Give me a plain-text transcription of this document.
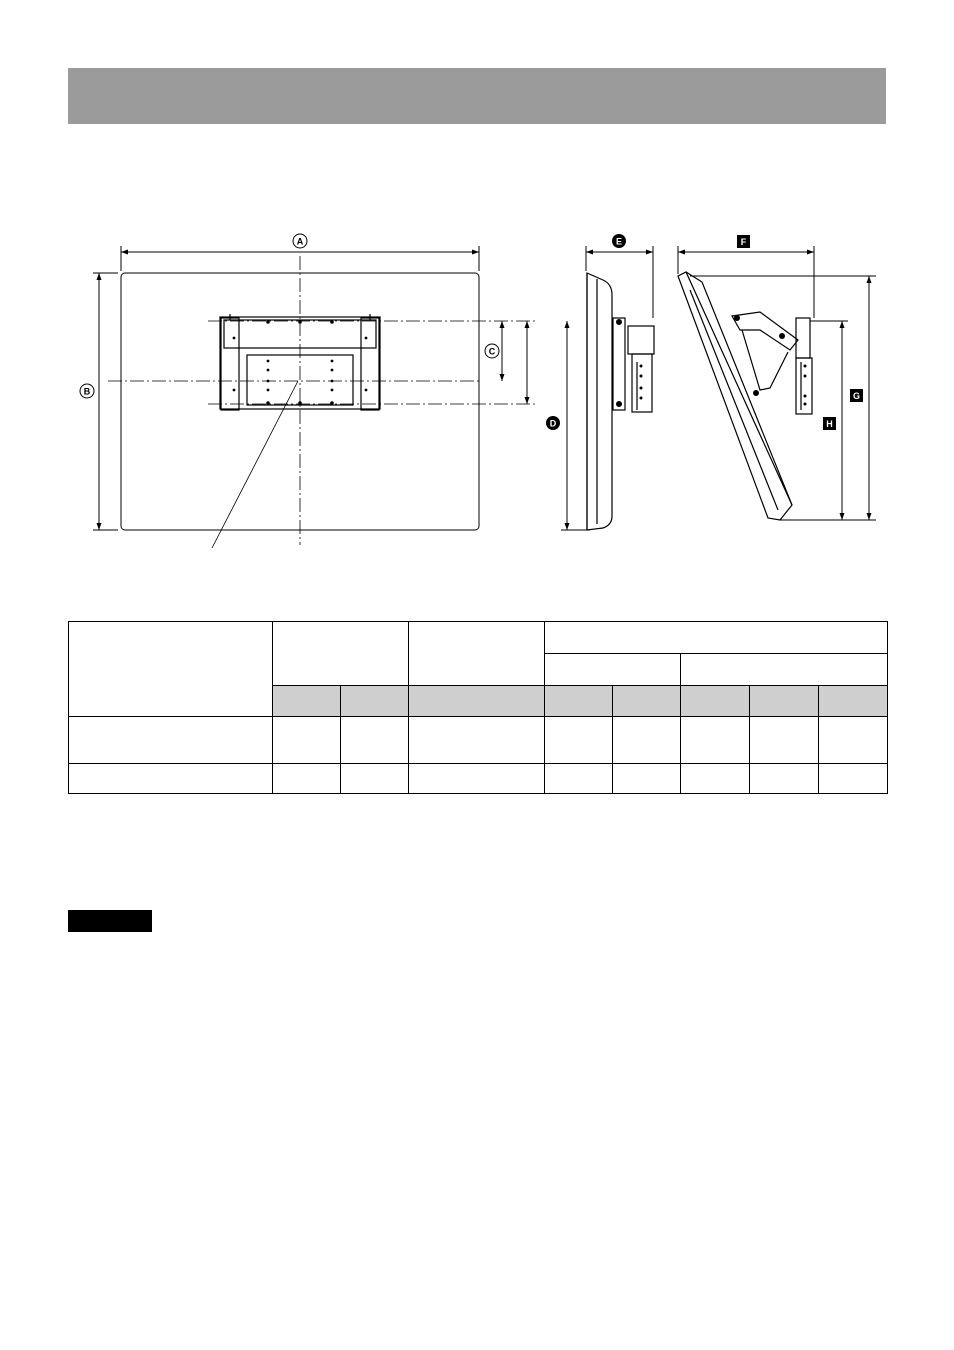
A
B
C
D
E	F
G
H
